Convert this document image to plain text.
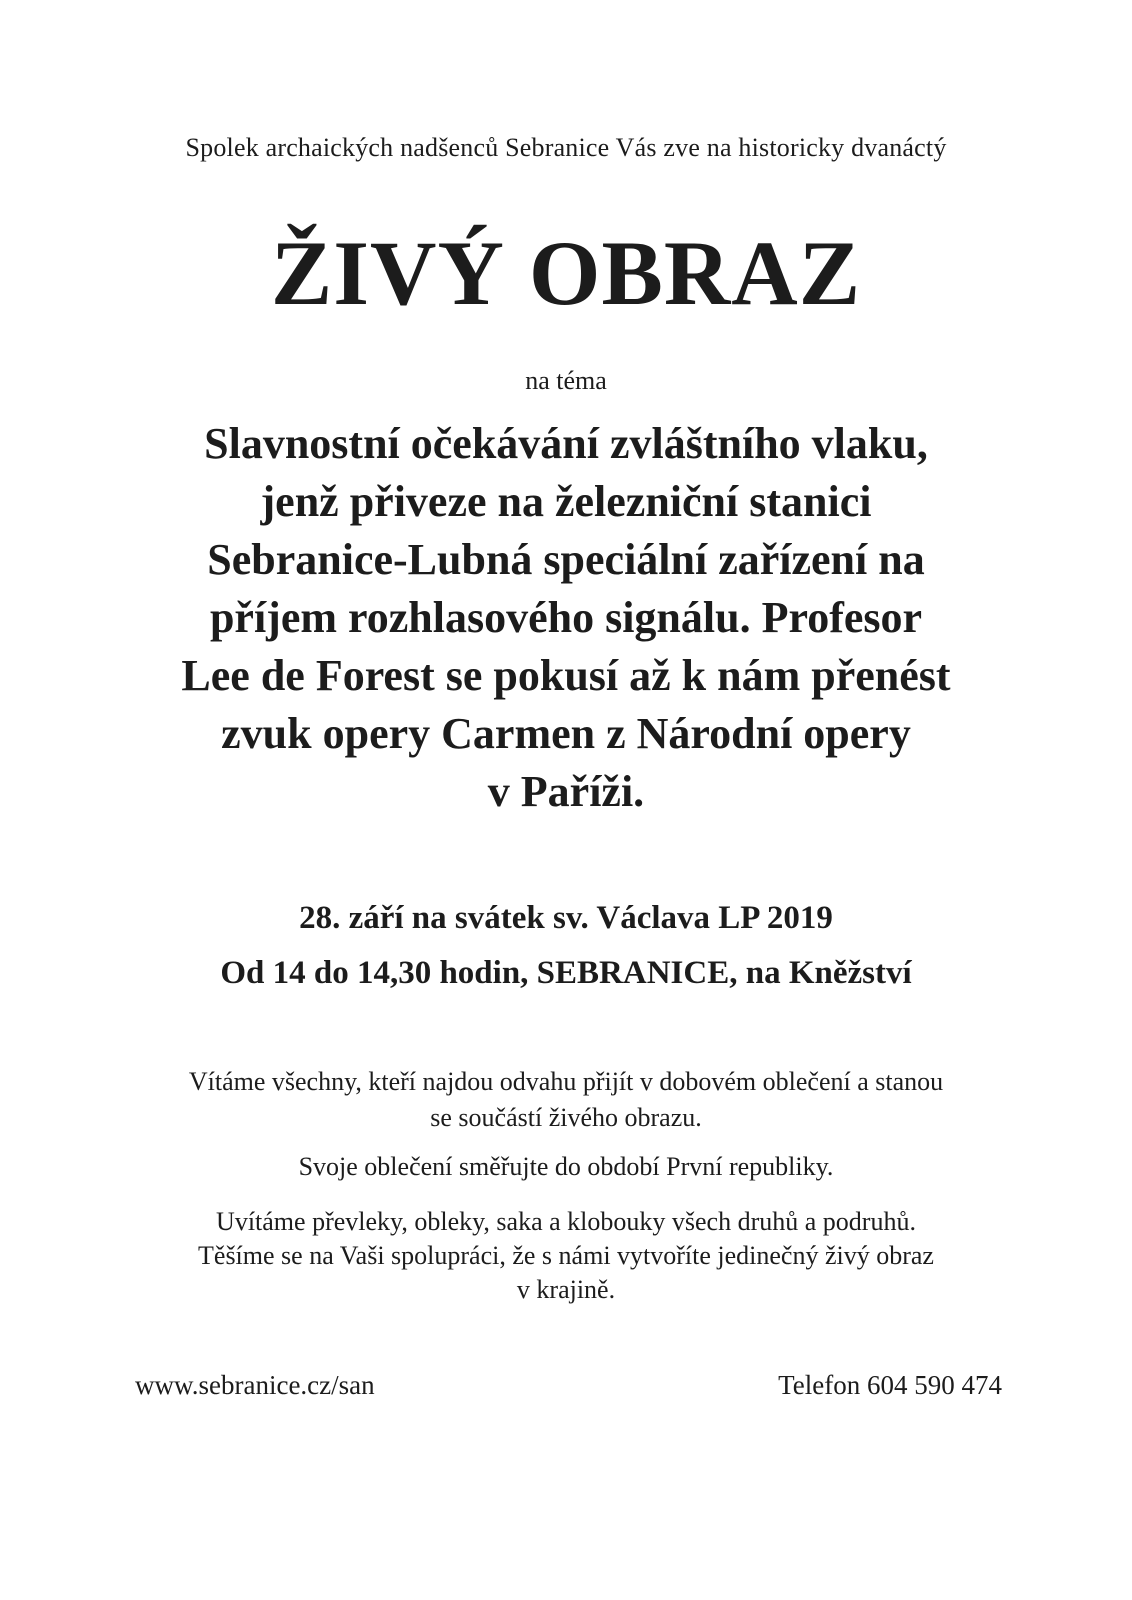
Spolek archaických nadšenců Sebranice Vás zve na historicky dvanáctý
ŽIVÝ OBRAZ
na téma
Slavnostní očekávání zvláštního vlaku,
jenž přiveze na železniční stanici
Sebranice-Lubná speciální zařízení na
příjem rozhlasového signálu. Profesor
Lee de Forest se pokusí až k nám přenést
zvuk opery Carmen z Národní opery
v Paříži.
28. září na svátek sv. Václava LP 2019
Od 14 do 14,30 hodin, SEBRANICE, na Kněžství
Vítáme všechny, kteří najdou odvahu přijít v dobovém oblečení a stanou
se součástí živého obrazu.
Svoje oblečení směřujte do období První republiky.
Uvítáme převleky, obleky, saka a klobouky všech druhů a podruhů.
Těšíme se na Vaši spolupráci, že s námi vytvoříte jedinečný živý obraz
v krajině.
www.sebranice.cz/san	Telefon 604 590 474
